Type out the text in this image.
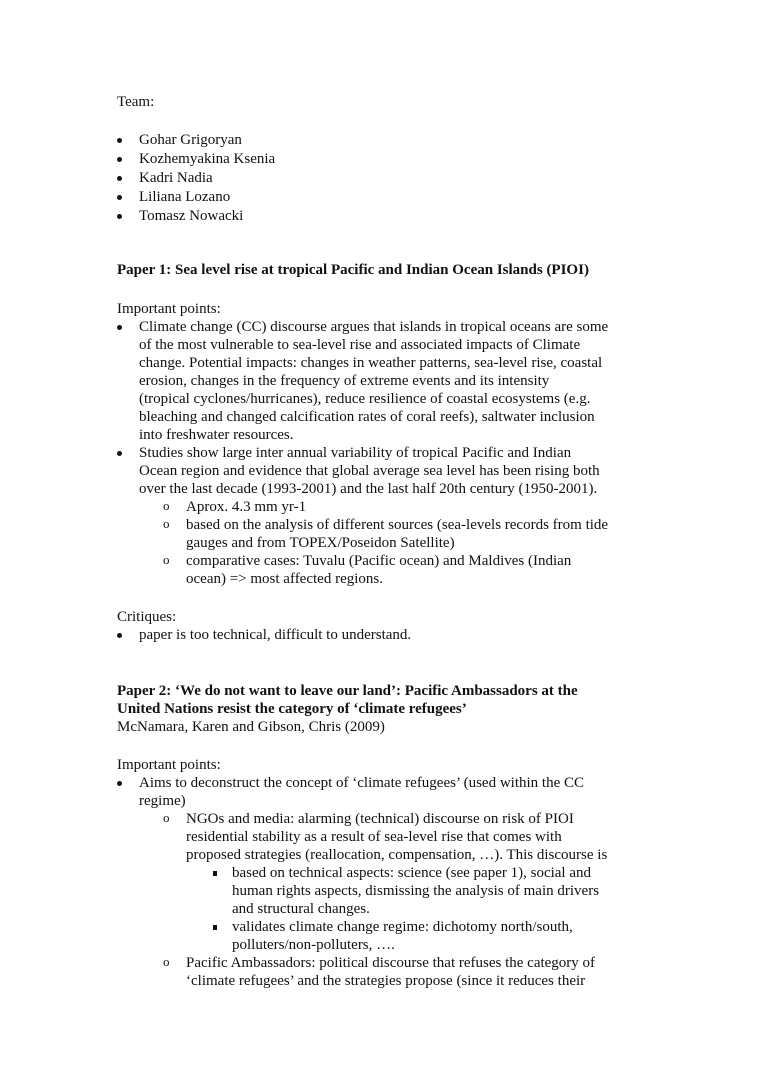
Team:
Gohar Grigoryan
Kozhemyakina Ksenia
Kadri Nadia
Liliana Lozano
Tomasz Nowacki
Paper 1: Sea level rise at tropical Pacific and Indian Ocean Islands (PIOI)
Important points:
Climate change (CC) discourse argues that islands in tropical oceans are some
of the most vulnerable to sea-level rise and associated impacts of Climate
change. Potential impacts: changes in weather patterns, sea-level rise, coastal
erosion, changes in the frequency of extreme events and its intensity
(tropical cyclones/hurricanes), reduce resilience of coastal ecosystems (e.g.
bleaching and changed calcification rates of coral reefs), saltwater inclusion
into freshwater resources.
Studies show large inter annual variability of tropical Pacific and Indian
Ocean region and evidence that global average sea level has been rising both
over the last decade (1993-2001) and the last half 20th century (1950-2001).
Aprox. 4.3 mm yr-1
based on the analysis of different sources (sea-levels records from tide
gauges and from TOPEX/Poseidon Satellite)
comparative cases: Tuvalu (Pacific ocean) and Maldives (Indian
ocean) => most affected regions.
Critiques:
paper is too technical, difficult to understand.
Paper 2: ‘We do not want to leave our land’: Pacific Ambassadors at the
United Nations resist the category of ‘climate refugees’
McNamara, Karen and Gibson, Chris (2009)
Important points:
Aims to deconstruct the concept of ‘climate refugees’ (used within the CC
regime)
NGOs and media: alarming (technical) discourse on risk of PIOI
residential stability as a result of sea-level rise that comes with
proposed strategies (reallocation, compensation, …). This discourse is
based on technical aspects: science (see paper 1), social and
human rights aspects, dismissing the analysis of main drivers
and structural changes.
validates climate change regime: dichotomy north/south,
polluters/non-polluters, ….
Pacific Ambassadors: political discourse that refuses the category of
‘climate refugees’ and the strategies propose (since it reduces their
